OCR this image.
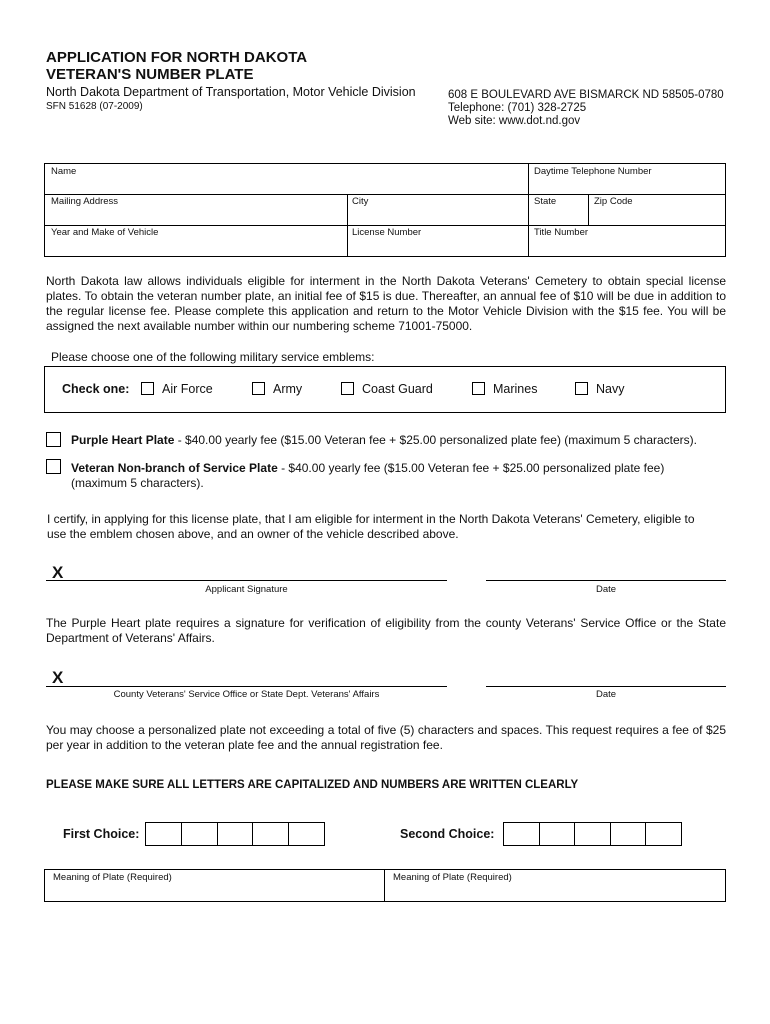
APPLICATION FOR NORTH DAKOTA
VETERAN'S NUMBER PLATE
North Dakota Department of Transportation, Motor Vehicle Division
SFN 51628 (07-2009)
608 E BOULEVARD AVE BISMARCK ND 58505-0780
Telephone: (701) 328-2725
Web site: www.dot.nd.gov
Name	Daytime Telephone Number
Mailing Address	City	State	Zip Code
Year and Make of Vehicle	License Number	Title Number
North Dakota law allows individuals eligible for interment in the North Dakota Veterans' Cemetery to obtain special license plates. To obtain the veteran number plate, an initial fee of $15 is due. Thereafter, an annual fee of $10 will be due in addition to the regular license fee. Please complete this application and return to the Motor Vehicle Division with the $15 fee. You will be assigned the next available number within our numbering scheme 71001-75000.
Please choose one of the following military service emblems:
Check one:	Air Force	Army	Coast Guard	Marines	Navy
Purple Heart Plate - $40.00 yearly fee ($15.00 Veteran fee + $25.00 personalized plate fee) (maximum 5 characters).
Veteran Non-branch of Service Plate - $40.00 yearly fee ($15.00 Veteran fee + $25.00 personalized plate fee) (maximum 5 characters).
I certify, in applying for this license plate, that I am eligible for interment in the North Dakota Veterans' Cemetery, eligible to use the emblem chosen above, and an owner of the vehicle described above.
X
Applicant Signature	Date
The Purple Heart plate requires a signature for verification of eligibility from the county Veterans' Service Office or the State Department of Veterans' Affairs.
X
County Veterans' Service Office or State Dept. Veterans' Affairs	Date
You may choose a personalized plate not exceeding a total of five (5) characters and spaces. This request requires a fee of $25 per year in addition to the veteran plate fee and the annual registration fee.
PLEASE MAKE SURE ALL LETTERS ARE CAPITALIZED AND NUMBERS ARE WRITTEN CLEARLY
First Choice:	Second Choice:
Meaning of Plate (Required)	Meaning of Plate (Required)
